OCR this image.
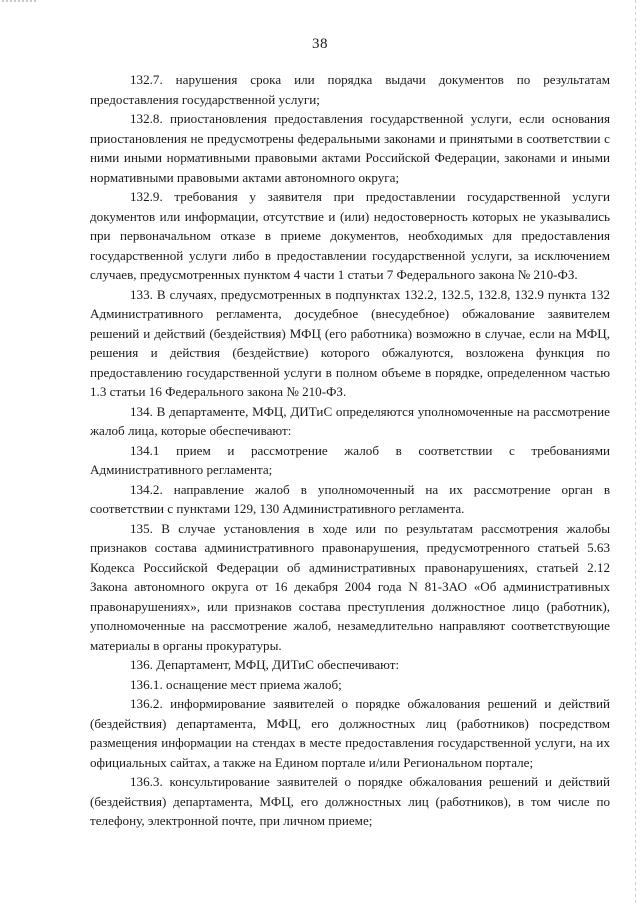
38

132.7. нарушения срока или порядка выдачи документов по результатам предоставления государственной услуги;

132.8. приостановления предоставления государственной услуги, если основания приостановления не предусмотрены федеральными законами и принятыми в соответствии с ними иными нормативными правовыми актами Российской Федерации, законами и иными нормативными правовыми актами автономного округа;

132.9. требования у заявителя при предоставлении государственной услуги документов или информации, отсутствие и (или) недостоверность которых не указывались при первоначальном отказе в приеме документов, необходимых для предоставления государственной услуги либо в предоставлении государственной услуги, за исключением случаев, предусмотренных пунктом 4 части 1 статьи 7 Федерального закона № 210-ФЗ.

133. В случаях, предусмотренных в подпунктах 132.2, 132.5, 132.8, 132.9 пункта 132 Административного регламента, досудебное (внесудебное) обжалование заявителем решений и действий (бездействия) МФЦ (его работника) возможно в случае, если на МФЦ, решения и действия (бездействие) которого обжалуются, возложена функция по предоставлению государственной услуги в полном объеме в порядке, определенном частью 1.3 статьи 16 Федерального закона № 210-ФЗ.

134. В департаменте, МФЦ, ДИТиС определяются уполномоченные на рассмотрение жалоб лица, которые обеспечивают:

134.1 прием и рассмотрение жалоб в соответствии с требованиями Административного регламента;

134.2. направление жалоб в уполномоченный на их рассмотрение орган в соответствии с пунктами 129, 130 Административного регламента.

135. В случае установления в ходе или по результатам рассмотрения жалобы признаков состава административного правонарушения, предусмотренного статьей 5.63 Кодекса Российской Федерации об административных правонарушениях, статьей 2.12 Закона автономного округа от 16 декабря 2004 года N 81-ЗАО «Об административных правонарушениях», или признаков состава преступления должностное лицо (работник), уполномоченные на рассмотрение жалоб, незамедлительно направляют соответствующие материалы в органы прокуратуры.

136. Департамент, МФЦ, ДИТиС обеспечивают:

136.1. оснащение мест приема жалоб;

136.2. информирование заявителей о порядке обжалования решений и действий (бездействия) департамента, МФЦ, его должностных лиц (работников) посредством размещения информации на стендах в месте предоставления государственной услуги, на их официальных сайтах, а также на Едином портале и/или Региональном портале;

136.3. консультирование заявителей о порядке обжалования решений и действий (бездействия) департамента, МФЦ, его должностных лиц (работников), в том числе по телефону, электронной почте, при личном приеме;
